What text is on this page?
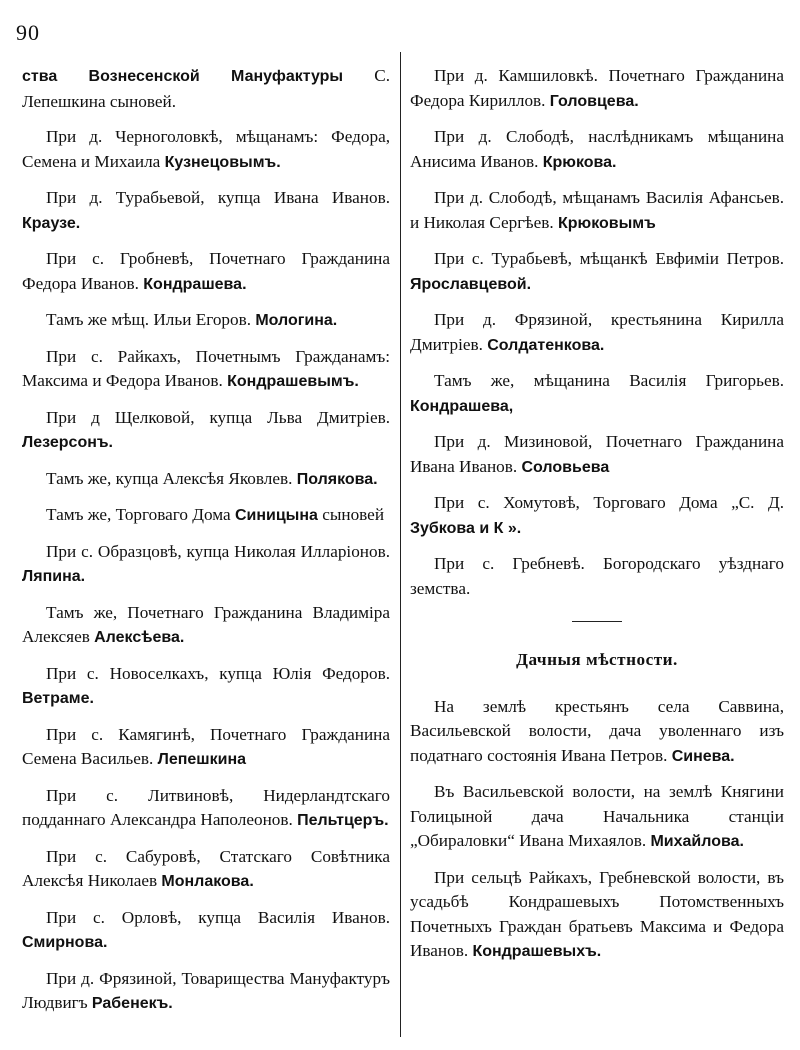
90

ства Вознесенской Мануфактуры С. Лепешкина сыновей.

При д. Черноголовкѣ, мѣщанамъ: Федора, Семена и Михаила Кузнецовымъ.

При д. Турабьевой, купца Ивана Иванов. Краузе.

При с. Гробневѣ, Почетнаго Гражданина Федора Иванов. Кондрашева.

Тамъ же мѣщ. Ильи Егоров. Мологина.

При с. Райкахъ, Почетнымъ Гражданамъ: Максима и Федора Иванов. Кондрашевымъ.

При д Щелковой, купца Льва Дмитріев. Лезерсонъ.

Тамъ же, купца Алексѣя Яковлев. Полякова.

Тамъ же, Торговаго Дома Синицына сыновей

При с. Образцовѣ, купца Николая Илларіонов. Ляпина.

Тамъ же, Почетнаго Гражданина Владиміра Алексяев Алексѣева.

При с. Новоселкахъ, купца Юлія Федоров. Ветраме.

При с. Камягинѣ, Почетнаго Гражданина Семена Васильев. Лепешкина

При с. Литвиновѣ, Нидерландтскаго подданнаго Александра Наполеонов. Пельтцеръ.

При с. Сабуровѣ, Статскаго Совѣтника Алексѣя Николаев Монлакова.

При с. Орловѣ, купца Василія Иванов. Смирнова.

При д. Фрязиной, Товарищества Мануфактуръ Людвигъ Рабенекъ.

При д. Камшиловкѣ. Почетнаго Гражданина Федора Кириллов. Головцева.

При д. Слободѣ, наслѣдникамъ мѣщанина Анисима Иванов. Крюкова.

При д. Слободѣ, мѣщанамъ Василія Афансьев. и Николая Сергѣев. Крюковымъ

При с. Турабьевѣ, мѣщанкѣ Евфиміи Петров. Ярославцевой.

При д. Фрязиной, крестьянина Кирилла Дмитріев. Солдатенкова.

Тамъ же, мѣщанина Василія Григорьев. Кондрашева,

При д. Мизиновой, Почетнаго Гражданина Ивана Иванов. Соловьева

При с. Хомутовѣ, Торговаго Дома „С. Д. Зубкова и К ».

При с. Гребневѣ. Богородскаго уѣзднаго земства.

Дачныя мѣстности.

На землѣ крестьянъ села Саввина, Васильевской волости, дача уволеннаго изъ податнаго состоянія Ивана Петров. Синева.

Въ Васильевской волости, на землѣ Княгини Голицыной дача Начальника станціи „Обираловки“ Ивана Михаялов. Михайлова.

При сельцѣ Райкахъ, Гребневской волости, въ усадьбѣ Кондрашевыхъ Потомственныхъ Почетныхъ Граждан братьевъ Максима и Федора Иванов. Кондрашевыхъ.
